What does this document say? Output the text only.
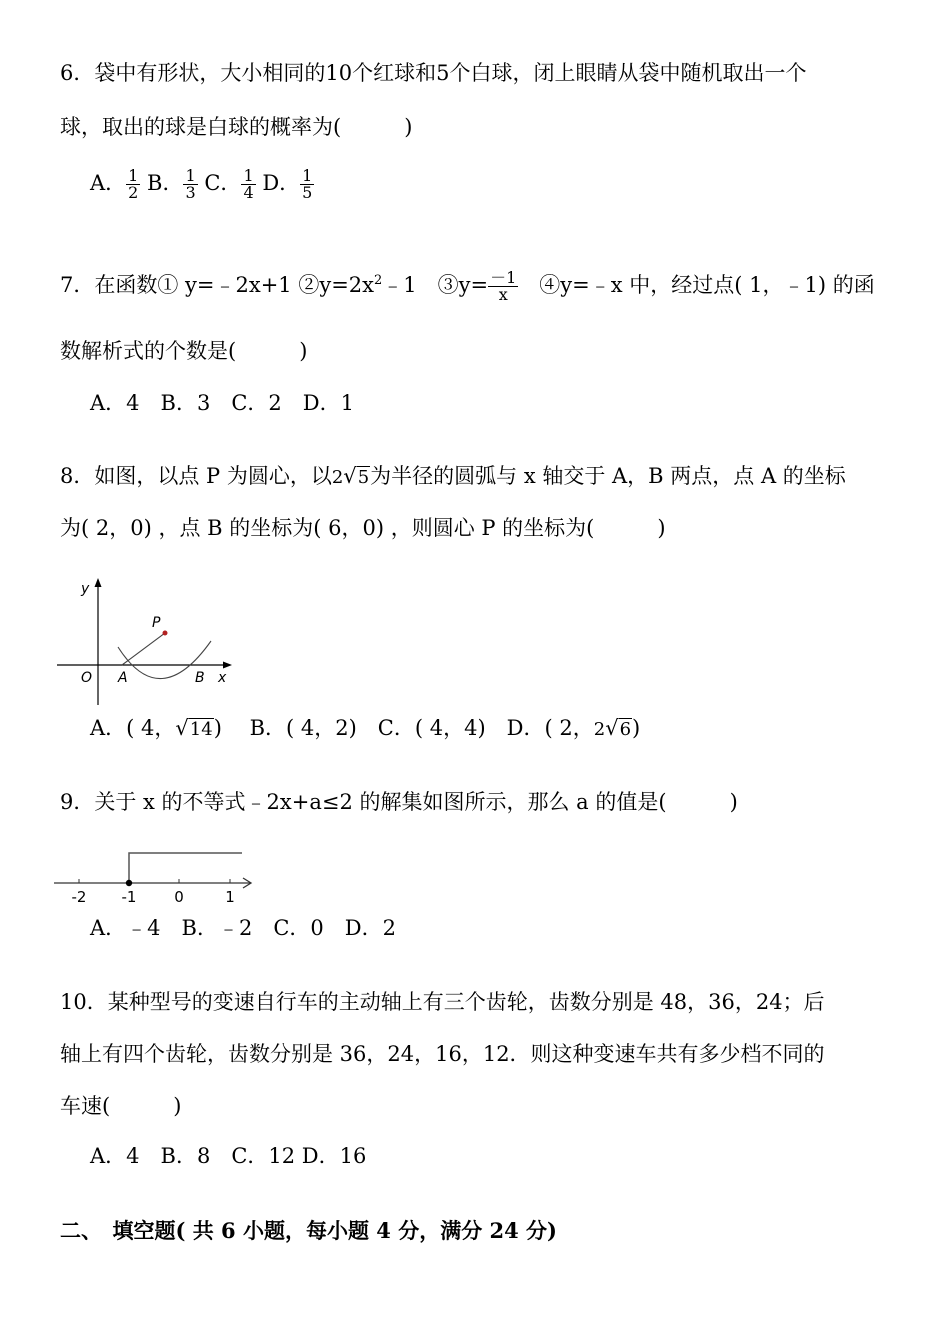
6．袋中有形状，大小相同的10个红球和5个白球，闭上眼睛从袋中随机取出一个
球，取出的球是白球的概率为(　　　)
A． $\frac{1}{2}$ B． $\frac{1}{3}$ C． $\frac{1}{4}$ D． $\frac{1}{5}$
7．在函数① y=﹣2x+1 $②y=2x^2﹣1$　③y= $\frac{-1}{x}$ 　④y=﹣x 中，经过点( 1，﹣1) 的函
数解析式的个数是(　　　)
A．4　B．3　C．2　D．1
8．如图，以点 P 为圆心，以2√5为半径的圆弧与 x 轴交于 A，B 两点，点 A 的坐标
为( 2，0) ，点 B 的坐标为( 6，0) ，则圆心 P 的坐标为(　　　)
y
P
O A	B x
A．( 4，√14)　 B．( 4，2)　C．( 4，4)　 D．( 2，2√6)
9．关于 x 的不等式﹣2x+a≤2 的解集如图所示，那么 a 的值是(　　　)
-2 -1	0	1
A．﹣4　B．﹣2　C．0　D．2
10．某种型号的变速自行车的主动轴上有三个齿轮，齿数分别是 48，36，24；后
轴上有四个齿轮，齿数分别是 36，24，16，12．则这种变速车共有多少档不同的
车速(　　　)
A．4　B．8　C．12 D．16
二、　填空题( 共 6 小题，每小题 4 分，满分 24 分)
